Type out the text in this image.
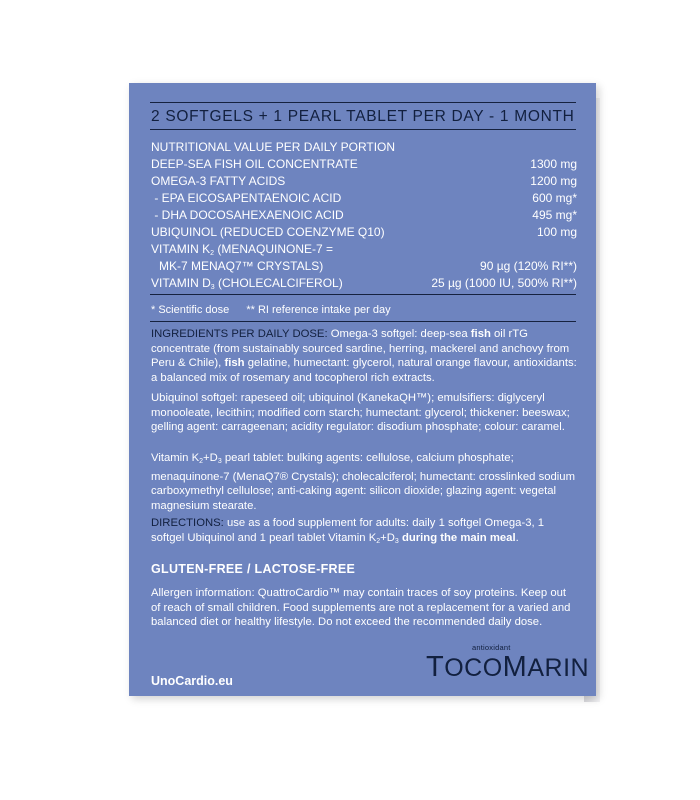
2 SOFTGELS + 1 PEARL TABLET PER DAY - 1 MONTH
NUTRITIONAL VALUE PER DAILY PORTION
DEEP-SEA FISH OIL CONCENTRATE	1300 mg
OMEGA-3 FATTY ACIDS	1200 mg
- EPA EICOSAPENTAENOIC ACID	600 mg*
- DHA DOCOSAHEXAENOIC ACID	495 mg*
UBIQUINOL (REDUCED COENZYME Q10)	100 mg
VITAMIN $K_2$ (MENAQUINONE-7 =
MK-7 MENAQ7™ CRYSTALS)	90 µg (120% RI**)
VITAMIN $D_3$ (CHOLECALCIFEROL)	25 µg (1000 IU, 500% RI**)
* Scientific dose ** RI reference intake per day
INGREDIENTS PER DAILY DOSE: Omega-3 softgel: deep-sea fish oil rTG concentrate (from sustainably sourced sardine, herring, mackerel and anchovy from Peru & Chile), fish gelatine, humectant: glycerol, natural orange flavour, antioxidants: a balanced mix of rosemary and tocopherol rich extracts.
Ubiquinol softgel: rapeseed oil; ubiquinol (KanekaQH™); emulsifiers: diglyceryl monooleate, lecithin; modified corn starch; humectant: glycerol; thickener: beeswax; gelling agent: carrageenan; acidity regulator: disodium phosphate; colour: caramel.
Vitamin K2+D3 pearl tablet: bulking agents: cellulose, calcium phosphate; menaquinone-7 (MenaQ7® Crystals); cholecalciferol; humectant: crosslinked sodium carboxymethyl cellulose; anti-caking agent: silicon dioxide; glazing agent: vegetal magnesium stearate.
DIRECTIONS: use as a food supplement for adults: daily 1 softgel Omega-3, 1 softgel Ubiquinol and 1 pearl tablet Vitamin K2+D3 during the main meal.
GLUTEN-FREE / LACTOSE-FREE
Allergen information: QuattroCardio™ may contain traces of soy proteins. Keep out of reach of small children. Food supplements are not a replacement for a varied and balanced diet or healthy lifestyle. Do not exceed the recommended daily dose.
UnoCardio.eu
antioxidant
TOCOMARIN
